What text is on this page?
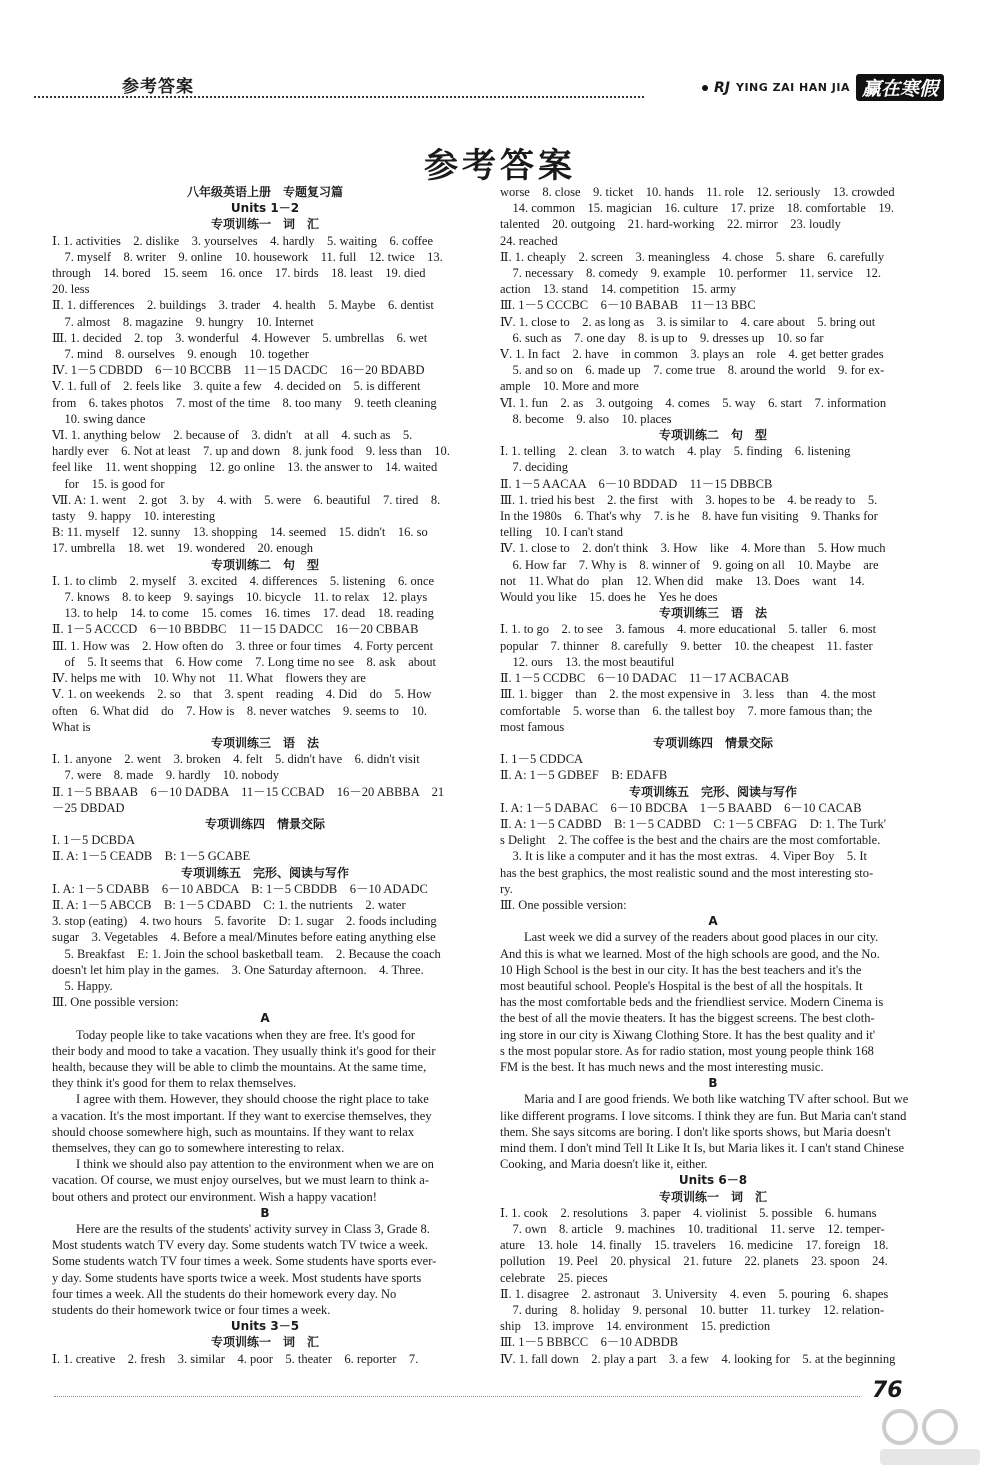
参考答案	RJ YING ZAI HAN JIA 赢在寒假
参考答案
八年级英语上册　专题复习篇
Units 1－2
专项训练一　词　汇
Ⅰ. 1. activities　2. dislike　3. yourselves　4. hardly　5. waiting　6. coffee
　7. myself　8. writer　9. online　10. housework　11. full　12. twice　13.
through　14. bored　15. seem　16. once　17. birds　18. least　19. died
20. less
Ⅱ. 1. differences　2. buildings　3. trader　4. health　5. Maybe　6. dentist
　7. almost　8. magazine　9. hungry　10. Internet
Ⅲ. 1. decided　2. top　3. wonderful　4. However　5. umbrellas　6. wet
　7. mind　8. ourselves　9. enough　10. together
Ⅳ. 1－5 CDBDD　6－10 BCCBB　11－15 DACDC　16－20 BDABD
Ⅴ. 1. full of　2. feels like　3. quite a few　4. decided on　5. is different
from　6. takes photos　7. most of the time　8. too many　9. teeth cleaning
　10. swing dance
Ⅵ. 1. anything below　2. because of　3. didn't　at all　4. such as　5.
hardly ever　6. Not at least　7. up and down　8. junk food　9. less than　10.
feel like　11. went shopping　12. go online　13. the answer to　14. waited
　for　15. is good for
Ⅶ. A: 1. went　2. got　3. by　4. with　5. were　6. beautiful　7. tired　8.
tasty　9. happy　10. interesting
B: 11. myself　12. sunny　13. shopping　14. seemed　15. didn't　16. so
17. umbrella　18. wet　19. wondered　20. enough
专项训练二　句　型
Ⅰ. 1. to climb　2. myself　3. excited　4. differences　5. listening　6. once
　7. knows　8. to keep　9. sayings　10. bicycle　11. to relax　12. plays
　13. to help　14. to come　15. comes　16. times　17. dead　18. reading
Ⅱ. 1－5 ACCCD　6－10 BBDBC　11－15 DADCC　16－20 CBBAB
Ⅲ. 1. How was　2. How often do　3. three or four times　4. Forty percent
　of　5. It seems that　6. How come　7. Long time no see　8. ask　about
Ⅳ. helps me with　10. Why not　11. What　flowers they are
Ⅴ. 1. on weekends　2. so　that　3. spent　reading　4. Did　do　5. How
often　6. What did　do　7. How is　8. never watches　9. seems to　10.
What is
专项训练三　语　法
Ⅰ. 1. anyone　2. went　3. broken　4. felt　5. didn't have　6. didn't visit
　7. were　8. made　9. hardly　10. nobody
Ⅱ. 1－5 BBAAB　6－10 DADBA　11－15 CCBAD　16－20 ABBBA　21
－25 DBDAD
专项训练四　情景交际
Ⅰ. 1－5 DCBDA
Ⅱ. A: 1－5 CEADB　B: 1－5 GCABE
专项训练五　完形、阅读与写作
Ⅰ. A: 1－5 CDABB　6－10 ABDCA　B: 1－5 CBDDB　6－10 ADADC
Ⅱ. A: 1－5 ABCCB　B: 1－5 CDABD　C: 1. the nutrients　2. water
3. stop (eating)　4. two hours　5. favorite　D: 1. sugar　2. foods including
sugar　3. Vegetables　4. Before a meal/Minutes before eating anything else
　5. Breakfast　E: 1. Join the school basketball team.　2. Because the coach
doesn't let him play in the games.　3. One Saturday afternoon.　4. Three.
　5. Happy.
Ⅲ. One possible version:
A
Today people like to take vacations when they are free. It's good for
their body and mood to take a vacation. They usually think it's good for their
health, because they will be able to climb the mountains. At the same time,
they think it's good for them to relax themselves.
I agree with them. However, they should choose the right place to take
a vacation. It's the most important. If they want to exercise themselves, they
should choose somewhere high, such as mountains. If they want to relax
themselves, they can go to somewhere interesting to relax.
I think we should also pay attention to the environment when we are on
vacation. Of course, we must enjoy ourselves, but we must learn to think a-
bout others and protect our environment. Wish a happy vacation!
B
Here are the results of the students' activity survey in Class 3, Grade 8.
Most students watch TV every day. Some students watch TV twice a week.
Some students watch TV four times a week. Some students have sports ever-
y day. Some students have sports twice a week. Most students have sports
four times a week. All the students do their homework every day. No
students do their homework twice or four times a week.
Units 3－5
专项训练一　词　汇
Ⅰ. 1. creative　2. fresh　3. similar　4. poor　5. theater　6. reporter　7.
worse　8. close　9. ticket　10. hands　11. role　12. seriously　13. crowded
　14. common　15. magician　16. culture　17. prize　18. comfortable　19.
talented　20. outgoing　21. hard-working　22. mirror　23. loudly
24. reached
Ⅱ. 1. cheaply　2. screen　3. meaningless　4. chose　5. share　6. carefully
　7. necessary　8. comedy　9. example　10. performer　11. service　12.
action　13. stand　14. competition　15. army
Ⅲ. 1－5 CCCBC　6－10 BABAB　11－13 BBC
Ⅳ. 1. close to　2. as long as　3. is similar to　4. care about　5. bring out
　6. such as　7. one day　8. is up to　9. dresses up　10. so far
Ⅴ. 1. In fact　2. have　in common　3. plays an　role　4. get better grades
　5. and so on　6. made up　7. come true　8. around the world　9. for ex-
ample　10. More and more
Ⅵ. 1. fun　2. as　3. outgoing　4. comes　5. way　6. start　7. information
　8. become　9. also　10. places
专项训练二　句　型
Ⅰ. 1. telling　2. clean　3. to watch　4. play　5. finding　6. listening
　7. deciding
Ⅱ. 1－5 AACAA　6－10 BDDAD　11－15 DBBCB
Ⅲ. 1. tried his best　2. the first　with　3. hopes to be　4. be ready to　5.
In the 1980s　6. That's why　7. is he　8. have fun visiting　9. Thanks for
telling　10. I can't stand
Ⅳ. 1. close to　2. don't think　3. How　like　4. More than　5. How much
　6. How far　7. Why is　8. winner of　9. going on all　10. Maybe　are
not　11. What do　plan　12. When did　make　13. Does　want　14.
Would you like　15. does he　Yes he does
专项训练三　语　法
Ⅰ. 1. to go　2. to see　3. famous　4. more educational　5. taller　6. most
popular　7. thinner　8. carefully　9. better　10. the cheapest　11. faster
　12. ours　13. the most beautiful
Ⅱ. 1－5 CCDBC　6－10 DADAC　11－17 ACBACAB
Ⅲ. 1. bigger　than　2. the most expensive in　3. less　than　4. the most
comfortable　5. worse than　6. the tallest boy　7. more famous than; the
most famous
专项训练四　情景交际
Ⅰ. 1－5 CDDCA
Ⅱ. A: 1－5 GDBEF　B: EDAFB
专项训练五　完形、阅读与写作
Ⅰ. A: 1－5 DABAC　6－10 BDCBA　1－5 BAABD　6－10 CACAB
Ⅱ. A: 1－5 CADBD　B: 1－5 CADBD　C: 1－5 CBFAG　D: 1. The Turk'
s Delight　2. The coffee is the best and the chairs are the most comfortable.
　3. It is like a computer and it has the most extras.　4. Viper Boy　5. It
has the best graphics, the most realistic sound and the most interesting sto-
ry.
Ⅲ. One possible version:
A
Last week we did a survey of the readers about good places in our city.
And this is what we learned. Most of the high schools are good, and the No.
10 High School is the best in our city. It has the best teachers and it's the
most beautiful school. People's Hospital is the best of all the hospitals. It
has the most comfortable beds and the friendliest service. Modern Cinema is
the best of all the movie theaters. It has the biggest screens. The best cloth-
ing store in our city is Xiwang Clothing Store. It has the best quality and it'
s the most popular store. As for radio station, most young people think 168
FM is the best. It has much news and the most interesting music.
B
Maria and I are good friends. We both like watching TV after school. But we
like different programs. I love sitcoms. I think they are fun. But Maria can't stand
them. She says sitcoms are boring. I don't like sports shows, but Maria doesn't
mind them. I don't mind Tell It Like It Is, but Maria likes it. I can't stand Chinese
Cooking, and Maria doesn't like it, either.
Units 6－8
专项训练一　词　汇
Ⅰ. 1. cook　2. resolutions　3. paper　4. violinist　5. possible　6. humans
　7. own　8. article　9. machines　10. traditional　11. serve　12. temper-
ature　13. hole　14. finally　15. travelers　16. medicine　17. foreign　18.
pollution　19. Peel　20. physical　21. future　22. planets　23. spoon　24.
celebrate　25. pieces
Ⅱ. 1. disagree　2. astronaut　3. University　4. even　5. pouring　6. shapes
　7. during　8. holiday　9. personal　10. butter　11. turkey　12. relation-
ship　13. improve　14. environment　15. prediction
Ⅲ. 1－5 BBBCC　6－10 ADBDB
Ⅳ. 1. fall down　2. play a part　3. a few　4. looking for　5. at the beginning
76
